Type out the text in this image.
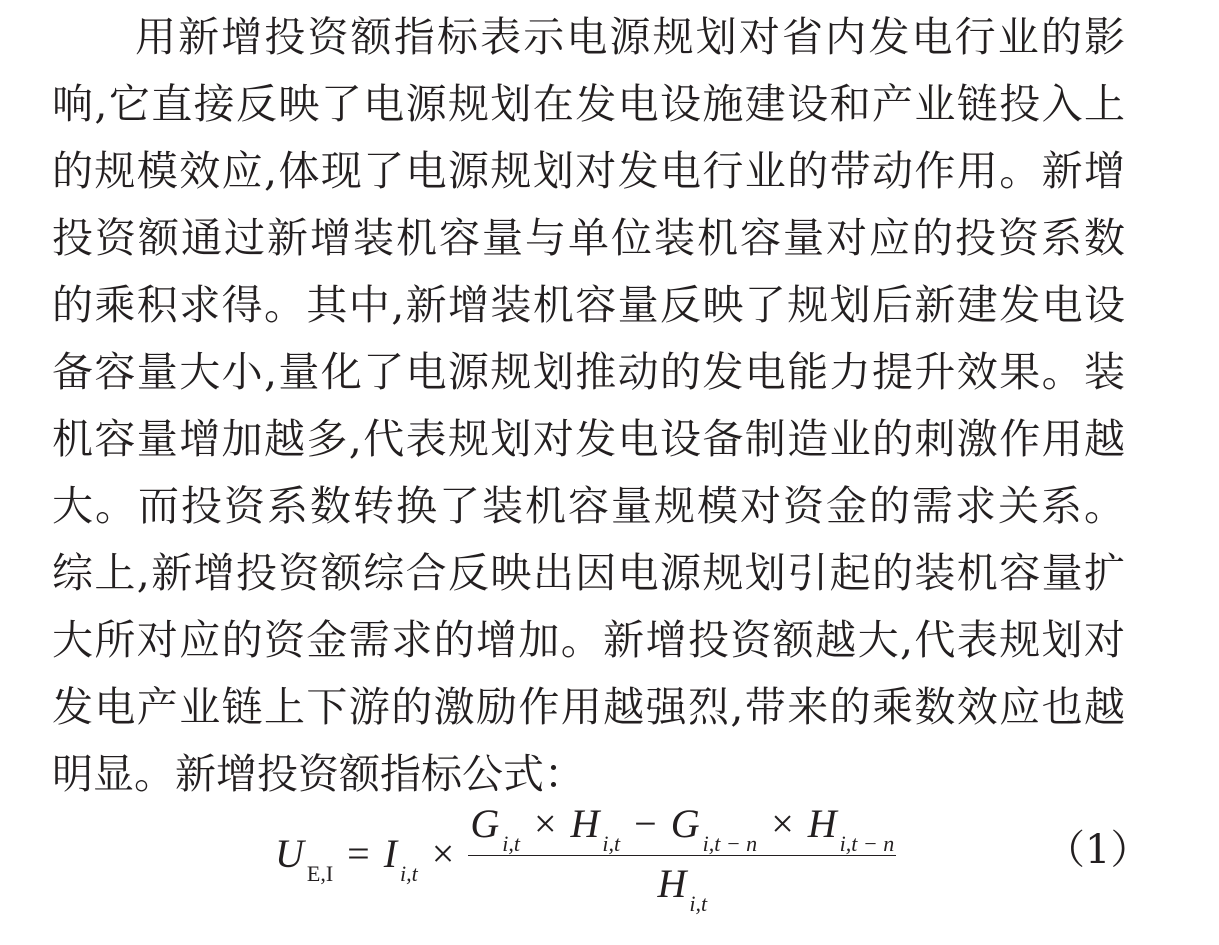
用新增投资额指标表示电源规划对省内发电行业的影
响,它直接反映了电源规划在发电设施建设和产业链投入上
的规模效应,体现了电源规划对发电行业的带动作用。新增
投资额通过新增装机容量与单位装机容量对应的投资系数
的乘积求得。其中,新增装机容量反映了规划后新建发电设
备容量大小,量化了电源规划推动的发电能力提升效果。装
机容量增加越多,代表规划对发电设备制造业的刺激作用越
大。而投资系数转换了装机容量规模对资金的需求关系。
综上,新增投资额综合反映出因电源规划引起的装机容量扩
大所对应的资金需求的增加。新增投资额越大,代表规划对
发电产业链上下游的激励作用越强烈,带来的乘数效应也越
明显。新增投资额指标公式：
U E,I = I i,t ×
G i,t × H i,t − G i,t − n × H i,t − n
H i,t
（1）
